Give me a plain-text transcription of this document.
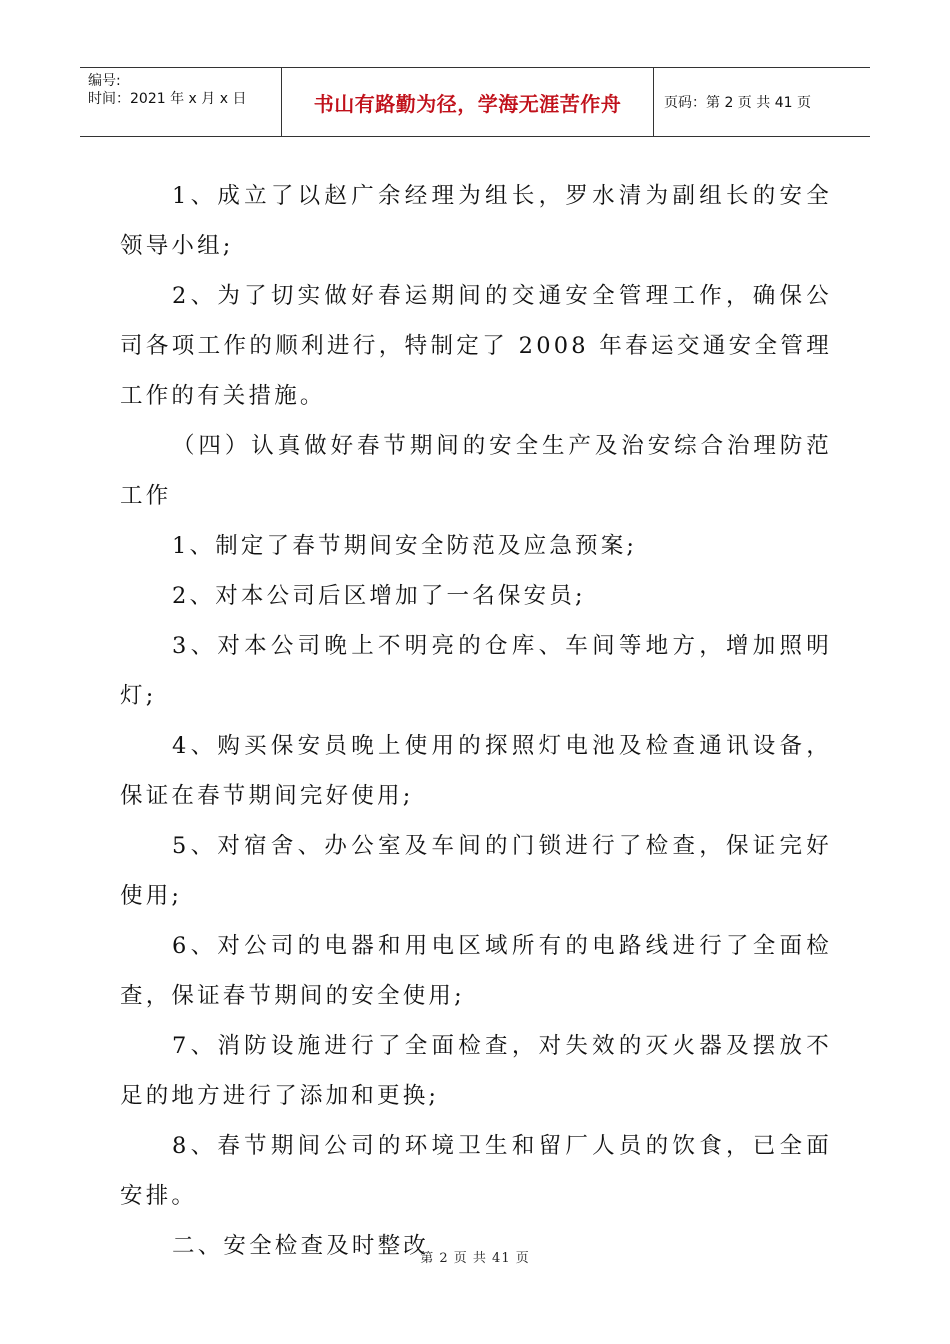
编号:
时间：2021 年 x 月 x 日	书山有路勤为径，学海无涯苦作舟	页码：第 2 页 共 41 页

1、成立了以赵广余经理为组长，罗水清为副组长的安全领导小组;

2、为了切实做好春运期间的交通安全管理工作，确保公司各项工作的顺利进行，特制定了 2008 年春运交通安全管理工作的有关措施。

（四）认真做好春节期间的安全生产及治安综合治理防范工作

1、制定了春节期间安全防范及应急预案;

2、对本公司后区增加了一名保安员;

3、对本公司晚上不明亮的仓库、车间等地方，增加照明灯;

4、购买保安员晚上使用的探照灯电池及检查通讯设备，保证在春节期间完好使用;

5、对宿舍、办公室及车间的门锁进行了检查，保证完好使用;

6、对公司的电器和用电区域所有的电路线进行了全面检查，保证春节期间的安全使用;

7、消防设施进行了全面检查，对失效的灭火器及摆放不足的地方进行了添加和更换;

8、春节期间公司的环境卫生和留厂人员的饮食，已全面安排。

二、安全检查及时整改

第 2 页 共 41 页
